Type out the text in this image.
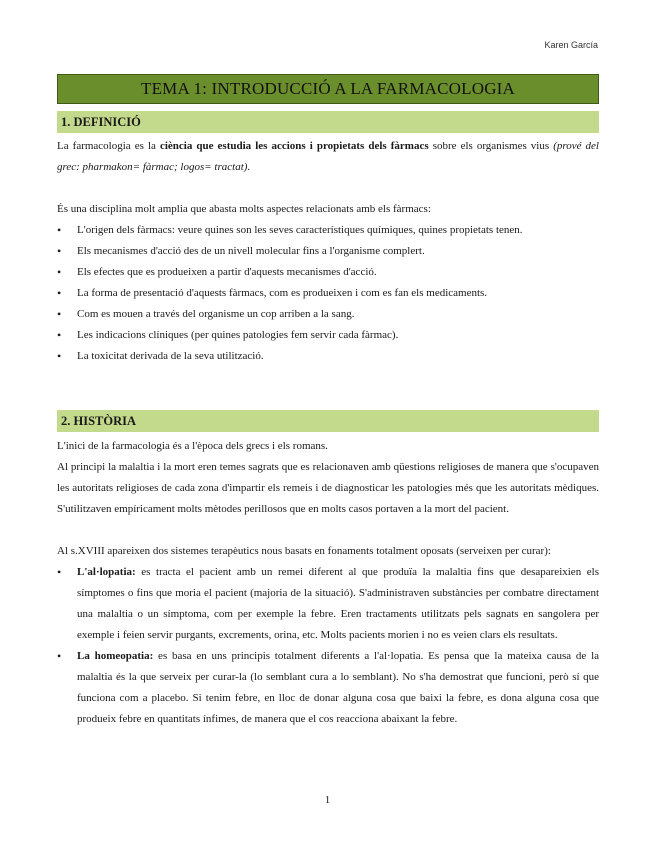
Karen García
TEMA 1: INTRODUCCIÓ A LA FARMACOLOGIA
1. DEFINICIÓ

La farmacologia es la ciència que estudia les accions i propietats dels fàrmacs sobre els organismes vius (prové del grec: pharmakon= fàrmac; logos= tractat).

És una disciplina molt amplia que abasta molts aspectes relacionats amb els fàrmacs:

• L'origen dels fàrmacs: veure quines son les seves característiques químiques, quines propietats tenen.
• Els mecanismes d'acció des de un nivell molecular fins a l'organisme complert.
• Els efectes que es produeixen a partir d'aquests mecanismes d'acció.
• La forma de presentació d'aquests fàrmacs, com es produeixen i com es fan els medicaments.
• Com es mouen a través del organisme un cop arriben a la sang.
• Les indicacions clíniques (per quines patologies fem servir cada fàrmac).
• La toxicitat derivada de la seva utilització.
2. HISTÒRIA

L'inici de la farmacologia és a l'època dels grecs i els romans.

Al principi la malaltia i la mort eren temes sagrats que es relacionaven amb qüestions religioses de manera que s'ocupaven les autoritats religioses de cada zona d'impartir els remeis i de diagnosticar les patologies més que les autoritats mèdiques. S'utilitzaven empíricament molts mètodes perillosos que en molts casos portaven a la mort del pacient.

Al s.XVIII apareixen dos sistemes terapèutics nous basats en fonaments totalment oposats (serveixen per curar):

• L'al·lopatia: es tracta el pacient amb un remei diferent al que produïa la malaltia fins que desapareixien els símptomes o fins que moria el pacient (majoria de la situació). S'administraven substàncies per combatre directament una malaltia o un símptoma, com per exemple la febre. Eren tractaments utilitzats pels sagnats en sangolera per exemple i feien servir purgants, excrements, orina, etc. Molts pacients morien i no es veien clars els resultats.
• La homeopatia: es basa en uns principis totalment diferents a l'al·lopatia. Es pensa que la mateixa causa de la malaltia és la que serveix per curar-la (lo semblant cura a lo semblant). No s'ha demostrat que funcioni, però sí que funciona com a placebo. Si tenim febre, en lloc de donar alguna cosa que baixi la febre, es dona alguna cosa que produeix febre en quantitats ínfimes, de manera que el cos reacciona abaixant la febre.
1
